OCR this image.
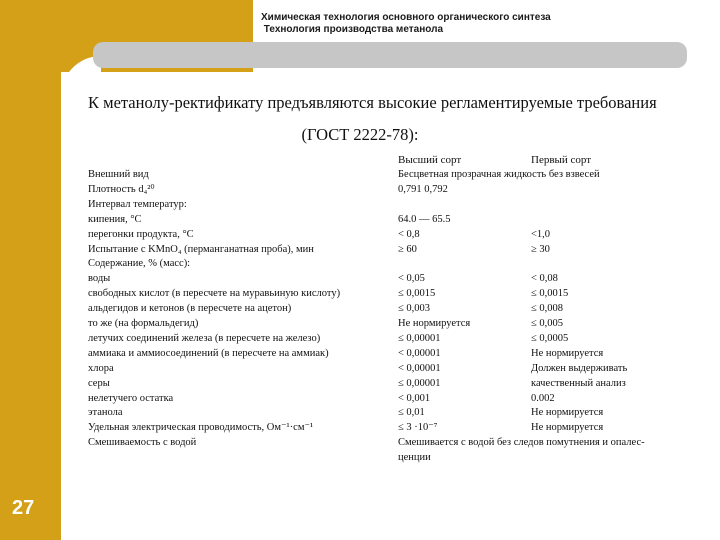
Химическая технология основного органического синтеза
Технология производства метанола
27
К метанолу-ректификату предъявляются высокие регламентируемые требования
(ГОСТ 2222-78):
Высший сорт	Первый сорт
Внешний вид	Бесцветная прозрачная жидкость без взвесей
Плотность d₄²⁰	0,791 0,792
Интервал температур:
кипения, °С	64.0 — 65.5
перегонки продукта, °С	< 0,8	<1,0
Испытание с KMnO₄ (перманганатная проба), мин	≥ 60	≥ 30
Содержание, % (масс):
воды	< 0,05	< 0,08
свободных кислот (в пересчете на муравьиную кислоту)	≤ 0,0015	≤ 0,0015
альдегидов и кетонов (в пересчете на ацетон)	≤ 0,003	≤ 0,008
то же (на формальдегид)	Не нормируется	≤ 0,005
летучих соединений железа (в пересчете на железо)	≤ 0,00001	≤ 0,0005
аммиака и аммиосоединений (в пересчете на аммиак)	< 0,00001	Не нормируется
хлора	< 0,00001	Должен выдерживать
серы	≤ 0,00001	качественный анализ
нелетучего остатка	< 0,001	0.002
этанола	≤ 0,01	Не нормируется
Удельная электрическая проводимость, Ом⁻¹·см⁻¹	≤ 3 ·10⁻⁷	Не нормируется
Смешиваемость с водой	Смешивается с водой без следов помутнения и опалес-
ценции
